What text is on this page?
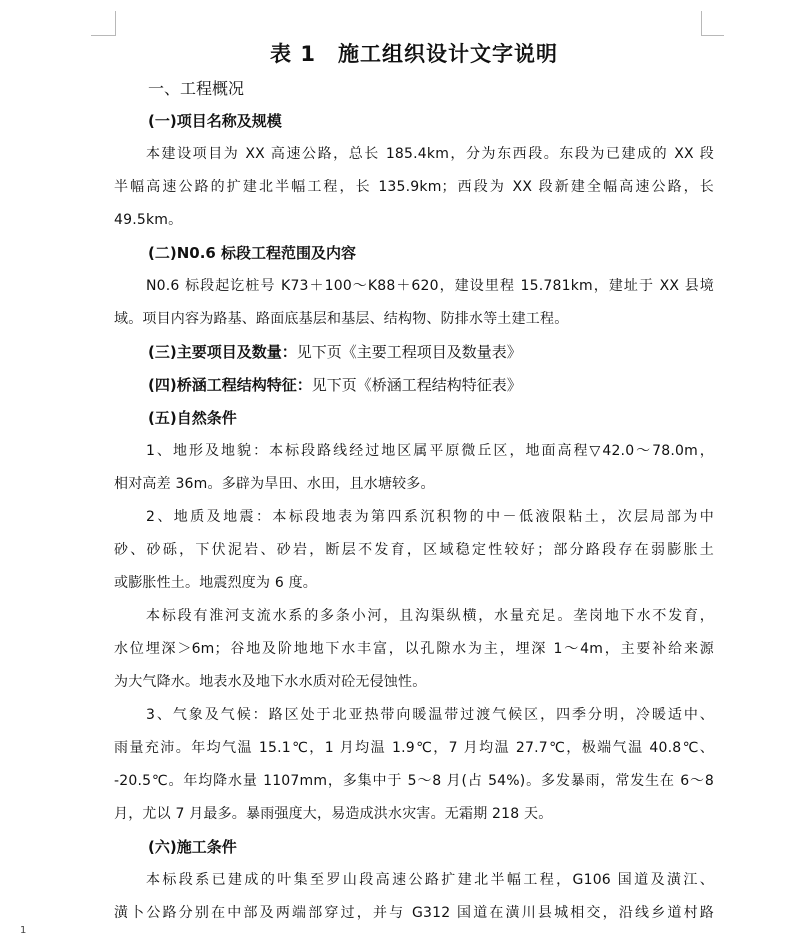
表 1 施工组织设计文字说明
一、工程概况
(一)项目名称及规模
本建设项目为 XX 高速公路，总长 185.4km，分为东西段。东段为已建成的 XX 段
半幅高速公路的扩建北半幅工程，长 135.9km；西段为 XX 段新建全幅高速公路，长
49.5km。
(二)N0.6 标段工程范围及内容
N0.6 标段起讫桩号 K73＋100～K88＋620，建设里程 15.781km，建址于 XX 县境
域。项目内容为路基、路面底基层和基层、结构物、防排水等土建工程。
(三)主要项目及数量：见下页《主要工程项目及数量表》
(四)桥涵工程结构特征：见下页《桥涵工程结构特征表》
(五)自然条件
1、地形及地貌：本标段路线经过地区属平原微丘区，地面高程▽42.0～78.0m，
相对高差 36m。多辟为旱田、水田，且水塘较多。
2、地质及地震：本标段地表为第四系沉积物的中－低液限粘土，次层局部为中
砂、砂砾，下伏泥岩、砂岩，断层不发育，区域稳定性较好；部分路段存在弱膨胀土
或膨胀性土。地震烈度为 6 度。
本标段有淮河支流水系的多条小河，且沟渠纵横，水量充足。垄岗地下水不发育，
水位埋深＞6m；谷地及阶地地下水丰富，以孔隙水为主，埋深 1～4m，主要补给来源
为大气降水。地表水及地下水水质对砼无侵蚀性。
3、气象及气候：路区处于北亚热带向暖温带过渡气候区，四季分明，冷暖适中、
雨量充沛。年均气温 15.1℃，1 月均温 1.9℃，7 月均温 27.7℃，极端气温 40.8℃、
-20.5℃。年均降水量 1107mm，多集中于 5～8 月(占 54%)。多发暴雨，常发生在 6～8
月，尤以 7 月最多。暴雨强度大，易造成洪水灾害。无霜期 218 天。
(六)施工条件
本标段系已建成的叶集至罗山段高速公路扩建北半幅工程，G106 国道及潢江、
潢卜公路分别在中部及两端部穿过，并与 G312 国道在潢川县城相交，沿线乡道村路
1
